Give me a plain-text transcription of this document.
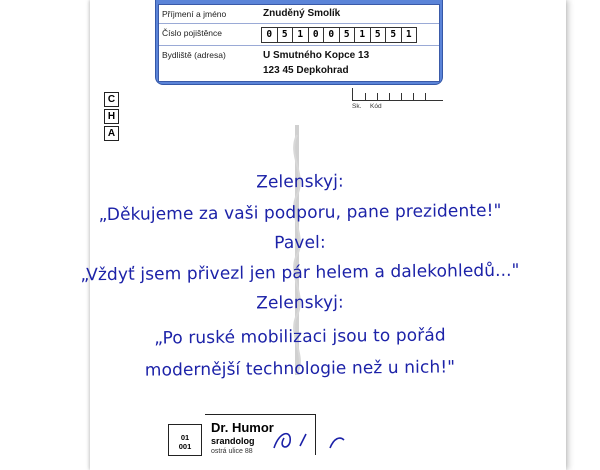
Příjmení a jméno	Znuděný Smolík
Číslo pojištěnce	0	5	1	0	0	5	1	5	5	1
Bydliště (adresa)	U Smutného Kopce 13
123 45 Depkohrad
Sk. Kód
C
H
A
Zelenskyj:
„Děkujeme za vaši podporu, pane prezidente!"
Pavel:
„Vždyť jsem přivezl jen pár helem a dalekohledů..."
Zelenskyj:
„Po ruské mobilizaci jsou to pořád
modernější technologie než u nich!"
01
001
Dr. Humor
srandolog
ostrá ulice 88
